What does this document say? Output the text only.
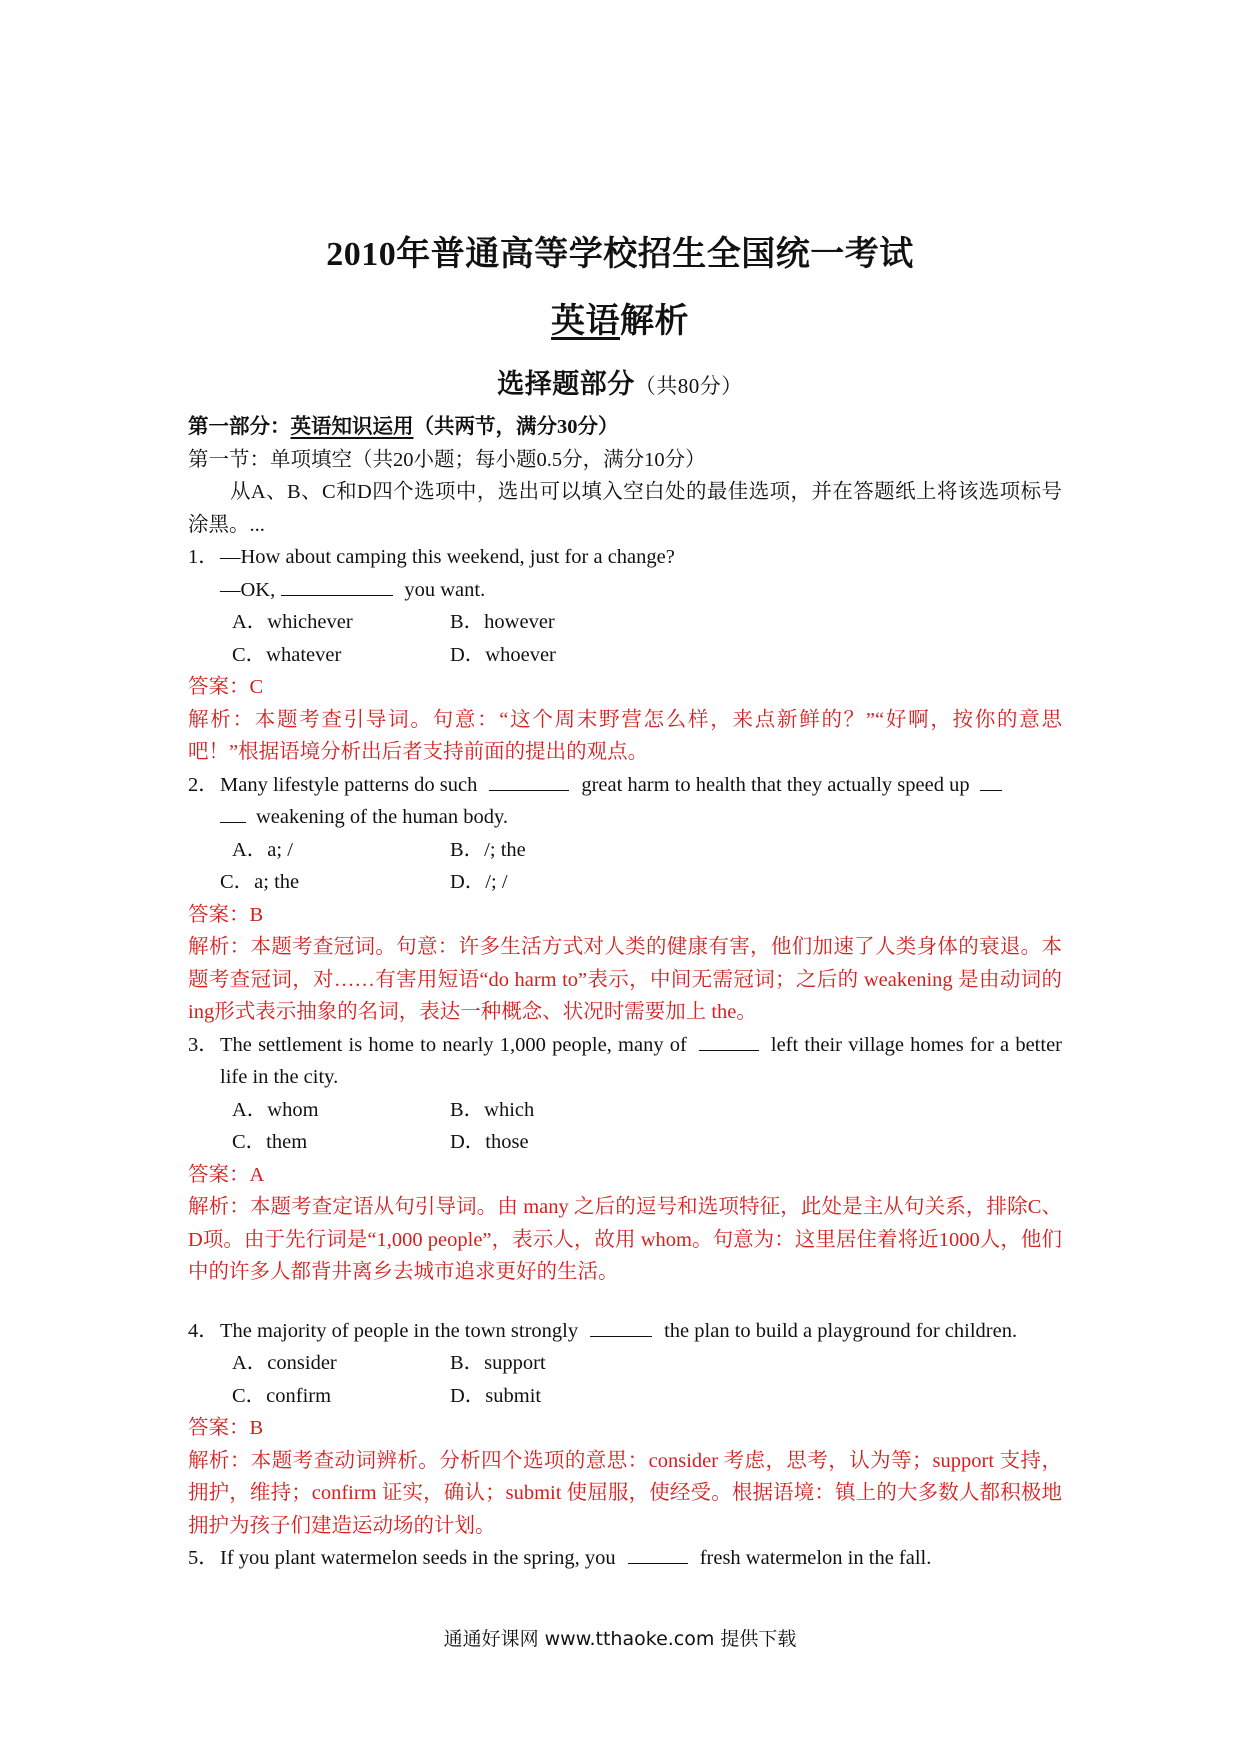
2010年普通高等学校招生全国统一考试
英语解析
选择题部分（共80分）

第一部分：英语知识运用（共两节，满分30分）

第一节：单项填空（共20小题；每小题0.5分，满分10分）

从A、B、C和D四个选项中，选出可以填入空白处的最佳选项，并在答题纸上将该选项标号涂黑。...

1． —How about camping this weekend, just for a change?

—OK,	you want.

A．whichever	B．however
C．whatever	D．whoever

答案：C

解析：本题考查引导词。句意：“这个周末野营怎么样，来点新鲜的？”“好啊，按你的意思吧！”根据语境分析出后者支持前面的提出的观点。

2． Many lifestyle patterns do such	great harm to health that they actually speed up
weakening of the human body.
A．a; /	B．/; the
C．a; the	D．/; /

答案：B

解析：本题考查冠词。句意：许多生活方式对人类的健康有害，他们加速了人类身体的衰退。本题考查冠词，对……有害用短语“do harm to”表示，中间无需冠词；之后的 weakening 是由动词的ing形式表示抽象的名词，表达一种概念、状况时需要加上 the。

3． The settlement is home to nearly 1,000 people, many of	left their village homes for a better life in the city.
A．whom	B．which
C．them	D．those

答案：A

解析：本题考查定语从句引导词。由 many 之后的逗号和选项特征，此处是主从句关系，排除C、D项。由于先行词是“1,000 people”，表示人，故用 whom。句意为：这里居住着将近1000人，他们中的许多人都背井离乡去城市追求更好的生活。

4． The majority of people in the town strongly	the plan to build a playground for children.
A．consider	B．support
C．confirm	D．submit

答案：B

解析：本题考查动词辨析。分析四个选项的意思：consider 考虑，思考，认为等；support 支持，拥护，维持；confirm 证实，确认；submit 使屈服，使经受。根据语境：镇上的大多数人都积极地拥护为孩子们建造运动场的计划。

5． If you plant watermelon seeds in the spring, you	fresh watermelon in the fall.
通通好课网 www.tthaoke.com 提供下载
